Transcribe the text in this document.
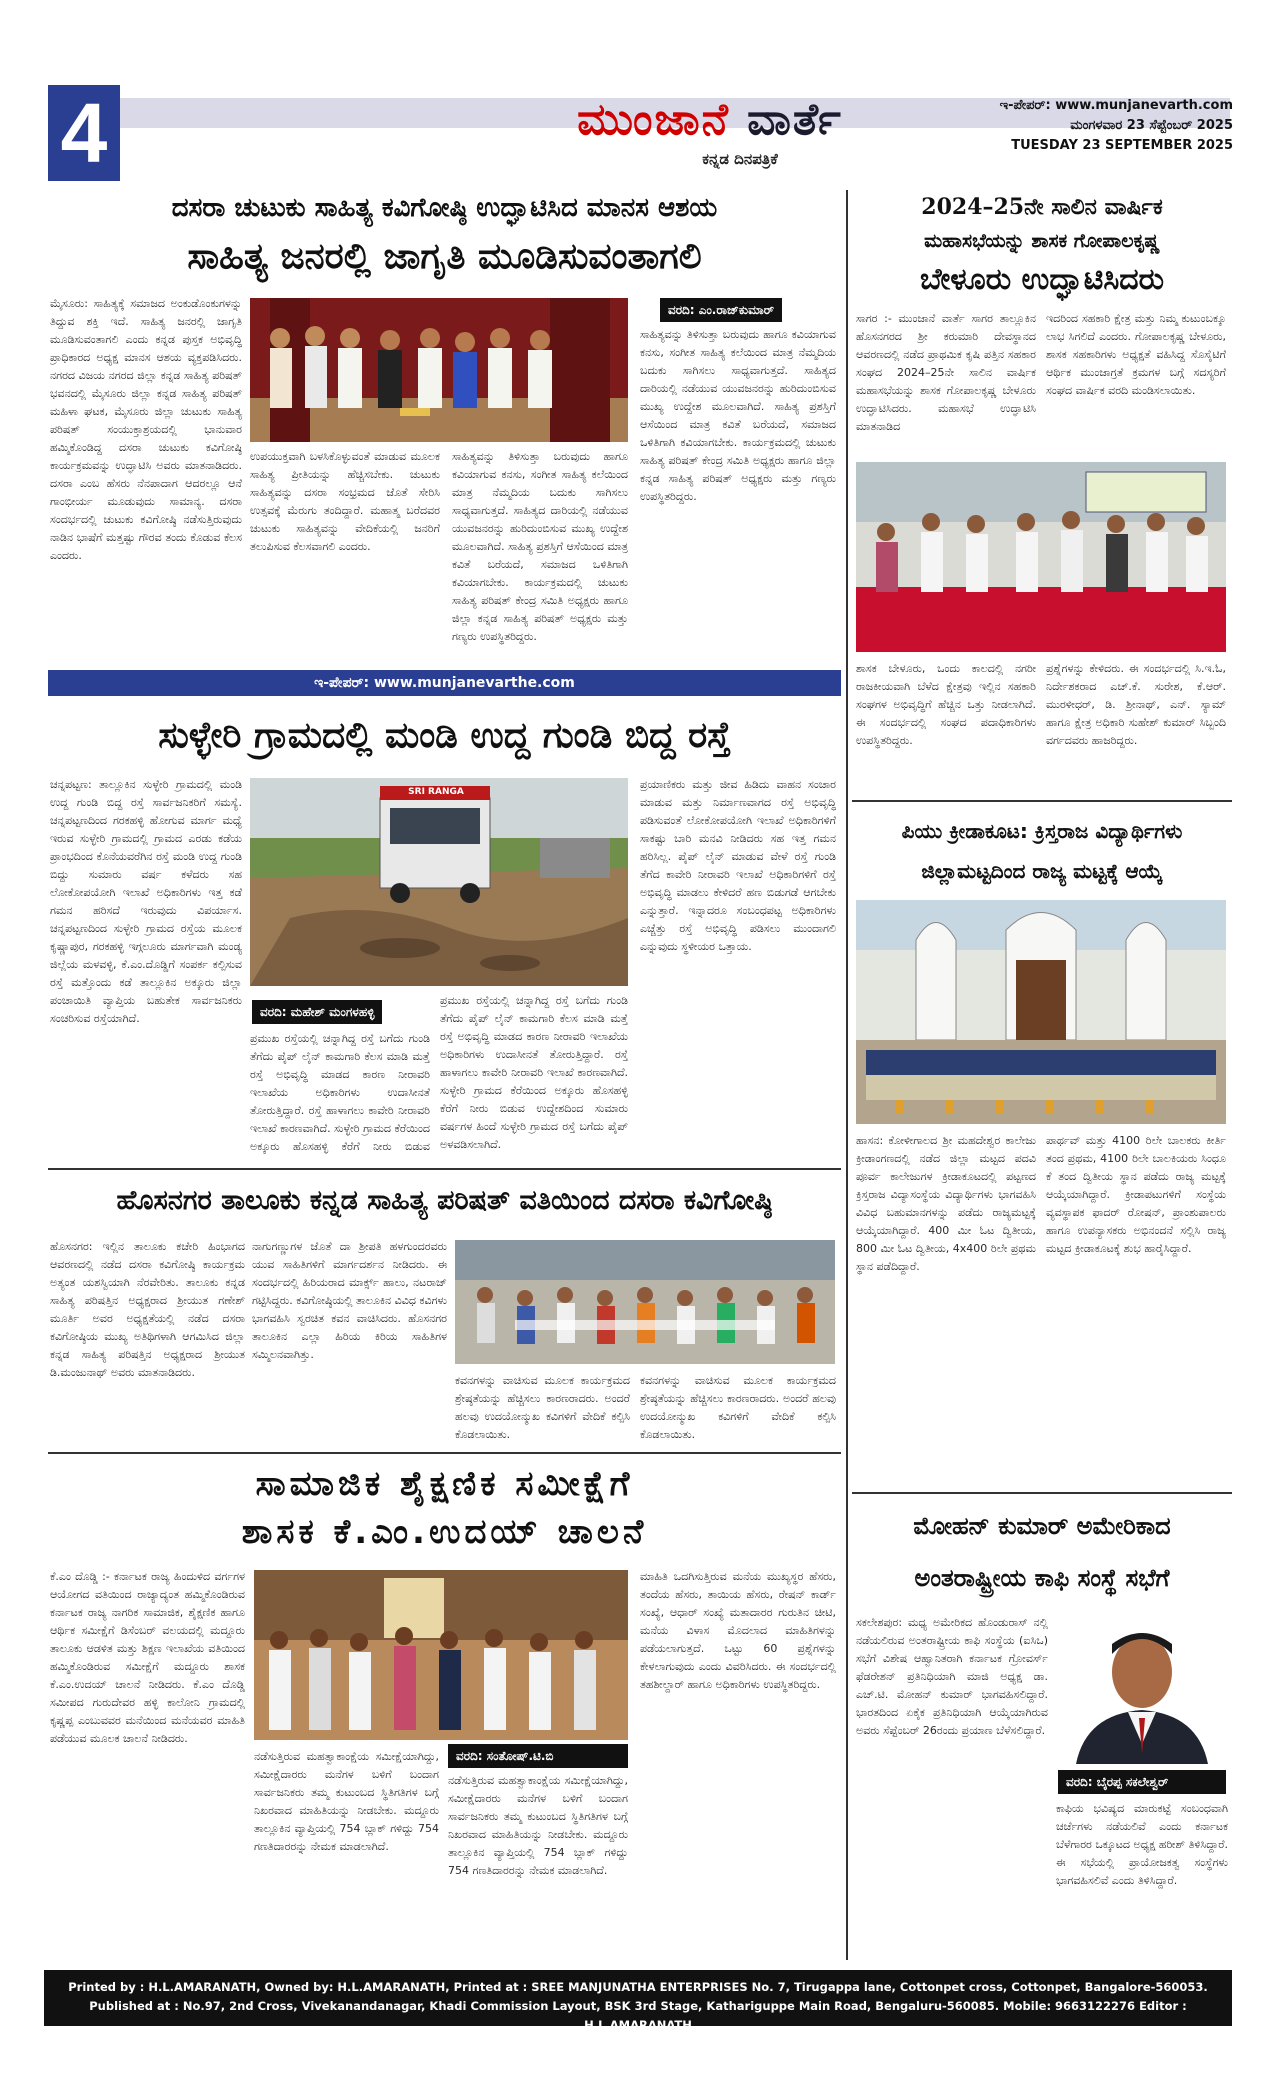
4	ಮುಂಜಾನೆ ವಾರ್ತೆ
ಕನ್ನಡ ದಿನಪತ್ರಿಕೆ
ಇ-ಪೇಪರ್: www.munjanevarth.com
ಮಂಗಳವಾರ 23 ಸೆಪ್ಟೆಂಬರ್ 2025
TUESDAY 23 SEPTEMBER 2025
ದಸರಾ ಚುಟುಕು ಸಾಹಿತ್ಯ ಕವಿಗೋಷ್ಠಿ ಉದ್ಘಾಟಿಸಿದ ಮಾನಸ ಆಶಯ
ಸಾಹಿತ್ಯ ಜನರಲ್ಲಿ ಜಾಗೃತಿ ಮೂಡಿಸುವಂತಾಗಲಿ
ಮೈಸೂರು: ಸಾಹಿತ್ಯಕ್ಕೆ ಸಮಾಜದ ಅಂಕುಡೊಂಕುಗಳನ್ನು ತಿದ್ದುವ ಶಕ್ತಿ ಇದೆ. ಸಾಹಿತ್ಯ ಜನರಲ್ಲಿ ಜಾಗೃತಿ ಮೂಡಿಸುವಂತಾಗಲಿ ಎಂದು ಕನ್ನಡ ಪುಸ್ತಕ ಅಭಿವೃದ್ಧಿ ಪ್ರಾಧಿಕಾರದ ಅಧ್ಯಕ್ಷ ಮಾನಸ ಆಶಯ ವ್ಯಕ್ತಪಡಿಸಿದರು. ನಗರದ ವಿಜಯ ನಗರದ ಜಿಲ್ಲಾ ಕನ್ನಡ ಸಾಹಿತ್ಯ ಪರಿಷತ್ ಭವನದಲ್ಲಿ ಮೈಸೂರು ಜಿಲ್ಲಾ ಕನ್ನಡ ಸಾಹಿತ್ಯ ಪರಿಷತ್ ಮಹಿಳಾ ಘಟಕ, ಮೈಸೂರು ಜಿಲ್ಲಾ ಚುಟುಕು ಸಾಹಿತ್ಯ ಪರಿಷತ್ ಸಂಯುಕ್ತಾಶ್ರಯದಲ್ಲಿ ಭಾನುವಾರ ಹಮ್ಮಿಕೊಂಡಿದ್ದ ದಸರಾ ಚುಟುಕು ಕವಿಗೋಷ್ಠಿ ಕಾರ್ಯಕ್ರಮವನ್ನು ಉದ್ಘಾಟಿಸಿ ಅವರು ಮಾತನಾಡಿದರು. ದಸರಾ ಎಂಬ ಹೆಸರು ನೆನಪಾದಾಗ ಆದರಲ್ಲೂ ಆನೆ ಗಾಂಭೀರ್ಯ ಮೂಡುವುದು ಸಾಮಾನ್ಯ. ದಸರಾ ಸಂದರ್ಭದಲ್ಲಿ ಚುಟುಕು ಕವಿಗೋಷ್ಠಿ ನಡೆಸುತ್ತಿರುವುದು ನಾಡಿನ ಭಾಷೆಗೆ ಮತ್ತಷ್ಟು ಗೌರವ ತಂದು ಕೊಡುವ ಕೆಲಸ ಎಂದರು.
ವರದಿ: ಎಂ.ರಾಜ್‌ಕುಮಾರ್
ಉಪಯುಕ್ತವಾಗಿ ಬಳಸಿಕೊಳ್ಳುವಂತೆ ಮಾಡುವ ಮೂಲಕ ಸಾಹಿತ್ಯ ಪ್ರೀತಿಯನ್ನು ಹೆಚ್ಚಿಸಬೇಕು. ಚುಟುಕು ಸಾಹಿತ್ಯವನ್ನು ದಸರಾ ಸಂಭ್ರಮದ ಜೊತೆ ಸೇರಿಸಿ ಉತ್ಸವಕ್ಕೆ ಮೆರುಗು ತಂದಿದ್ದಾರೆ. ಮಹಾತ್ಮ ಬರೆದವರ ಚುಟುಕು ಸಾಹಿತ್ಯವನ್ನು ವೇದಿಕೆಯಲ್ಲಿ ಜನರಿಗೆ ತಲುಪಿಸುವ ಕೆಲಸವಾಗಲಿ ಎಂದರು.
ಸಾಹಿತ್ಯವನ್ನು ತಿಳಿಸುತ್ತಾ ಬರುವುದು ಹಾಗೂ ಕವಿಯಾಗುವ ಕನಸು, ಸಂಗೀತ ಸಾಹಿತ್ಯ ಕಲೆಯಿಂದ ಮಾತ್ರ ನೆಮ್ಮದಿಯ ಬದುಕು ಸಾಗಿಸಲು ಸಾಧ್ಯವಾಗುತ್ತದೆ. ಸಾಹಿತ್ಯದ ದಾರಿಯಲ್ಲಿ ನಡೆಯುವ ಯುವಜನರನ್ನು ಹುರಿದುಂಬಿಸುವ ಮುಖ್ಯ ಉದ್ದೇಶ ಮೂಲವಾಗಿದೆ. ಸಾಹಿತ್ಯ ಪ್ರಶಸ್ತಿಗೆ ಆಸೆಯಿಂದ ಮಾತ್ರ ಕವಿತೆ ಬರೆಯದೆ, ಸಮಾಜದ ಒಳಿತಿಗಾಗಿ ಕವಿಯಾಗಬೇಕು. ಕಾರ್ಯಕ್ರಮದಲ್ಲಿ ಚುಟುಕು ಸಾಹಿತ್ಯ ಪರಿಷತ್ ಕೇಂದ್ರ ಸಮಿತಿ ಅಧ್ಯಕ್ಷರು ಹಾಗೂ ಜಿಲ್ಲಾ ಕನ್ನಡ ಸಾಹಿತ್ಯ ಪರಿಷತ್ ಅಧ್ಯಕ್ಷರು ಮತ್ತು ಗಣ್ಯರು ಉಪಸ್ಥಿತರಿದ್ದರು.
ಸಾಹಿತ್ಯವನ್ನು ತಿಳಿಸುತ್ತಾ ಬರುವುದು ಹಾಗೂ ಕವಿಯಾಗುವ ಕನಸು, ಸಂಗೀತ ಸಾಹಿತ್ಯ ಕಲೆಯಿಂದ ಮಾತ್ರ ನೆಮ್ಮದಿಯ ಬದುಕು ಸಾಗಿಸಲು ಸಾಧ್ಯವಾಗುತ್ತದೆ. ಸಾಹಿತ್ಯದ ದಾರಿಯಲ್ಲಿ ನಡೆಯುವ ಯುವಜನರನ್ನು ಹುರಿದುಂಬಿಸುವ ಮುಖ್ಯ ಉದ್ದೇಶ ಮೂಲವಾಗಿದೆ. ಸಾಹಿತ್ಯ ಪ್ರಶಸ್ತಿಗೆ ಆಸೆಯಿಂದ ಮಾತ್ರ ಕವಿತೆ ಬರೆಯದೆ, ಸಮಾಜದ ಒಳಿತಿಗಾಗಿ ಕವಿಯಾಗಬೇಕು. ಕಾರ್ಯಕ್ರಮದಲ್ಲಿ ಚುಟುಕು ಸಾಹಿತ್ಯ ಪರಿಷತ್ ಕೇಂದ್ರ ಸಮಿತಿ ಅಧ್ಯಕ್ಷರು ಹಾಗೂ ಜಿಲ್ಲಾ ಕನ್ನಡ ಸಾಹಿತ್ಯ ಪರಿಷತ್ ಅಧ್ಯಕ್ಷರು ಮತ್ತು ಗಣ್ಯರು ಉಪಸ್ಥಿತರಿದ್ದರು.
ಇ-ಪೇಪರ್: www.munjanevarthe.com
ಸುಳ್ಳೇರಿ ಗ್ರಾಮದಲ್ಲಿ ಮಂಡಿ ಉದ್ದ ಗುಂಡಿ ಬಿದ್ದ ರಸ್ತೆ
ಚನ್ನಪಟ್ಟಣ: ತಾಲ್ಲೂಕಿನ ಸುಳ್ಳೇರಿ ಗ್ರಾಮದಲ್ಲಿ ಮಂಡಿ ಉದ್ದ ಗುಂಡಿ ಬಿದ್ದ ರಸ್ತೆ ಸಾರ್ವಜನಿಕರಿಗೆ ಸಮಸ್ಯೆ. ಚನ್ನಪಟ್ಟಣದಿಂದ ಗರಕಹಳ್ಳಿ ಹೋಗುವ ಮಾರ್ಗ ಮಧ್ಯೆ ಇರುವ ಸುಳ್ಳೇರಿ ಗ್ರಾಮದಲ್ಲಿ ಗ್ರಾಮದ ಎರಡು ಕಡೆಯ ಪ್ರಾಂಭದಿಂದ ಕೊನೆಯವರೆಗಿನ ರಸ್ತೆ ಮಂಡಿ ಉದ್ದ ಗುಂಡಿ ಬಿದ್ದು ಸುಮಾರು ವರ್ಷ ಕಳೆದರು ಸಹ ಲೋಕೋಪಯೋಗಿ ಇಲಾಖೆ ಅಧಿಕಾರಿಗಳು ಇತ್ತ ಕಡೆ ಗಮನ ಹರಿಸದೆ ಇರುವುದು ವಿಪರ್ಯಾಸ. ಚನ್ನಪಟ್ಟಣದಿಂದ ಸುಳ್ಳೇರಿ ಗ್ರಾಮದ ರಸ್ತೆಯ ಮೂಲಕ ಕೃಷ್ಣಾಪುರ, ಗರಕಹಳ್ಳಿ ಇಗ್ಗಲೂರು ಮಾರ್ಗವಾಗಿ ಮಂಡ್ಯ ಜಿಲ್ಲೆಯ ಮಳವಳ್ಳಿ, ಕೆ.ಎಂ.ದೊಡ್ಡಿಗೆ ಸಂಪರ್ಕ ಕಲ್ಪಿಸುವ ರಸ್ತೆ ಮತ್ತೊಂದು ಕಡೆ ತಾಲ್ಲೂಕಿನ ಅಕ್ಕೂರು ಜಿಲ್ಲಾ ಪಂಚಾಯಿತಿ ವ್ಯಾಪ್ತಿಯ ಬಹುತೇಕ ಸಾರ್ವಜನಿಕರು ಸಂಚರಿಸುವ ರಸ್ತೆಯಾಗಿದೆ.
SRI RANGA
ವರದಿ: ಮಹೇಶ್ ಮಂಗಳಹಳ್ಳಿ
ಪ್ರಮುಖ ರಸ್ತೆಯಲ್ಲಿ ಚನ್ನಾಗಿದ್ದ ರಸ್ತೆ ಬಗೆದು ಗುಂಡಿ ತೆಗೆದು ಪೈಪ್ ಲೈನ್ ಕಾಮಗಾರಿ ಕೆಲಸ ಮಾಡಿ ಮತ್ತೆ ರಸ್ತೆ ಅಭಿವೃದ್ಧಿ ಮಾಡದ ಕಾರಣ ನೀರಾವರಿ ಇಲಾಖೆಯ ಅಧಿಕಾರಿಗಳು ಉದಾಸೀನತೆ ತೋರುತ್ತಿದ್ದಾರೆ. ರಸ್ತೆ ಹಾಳಾಗಲು ಕಾವೇರಿ ನೀರಾವರಿ ಇಲಾಖೆ ಕಾರಣವಾಗಿದೆ. ಸುಳ್ಳೇರಿ ಗ್ರಾಮದ ಕೆರೆಯಿಂದ ಅಕ್ಕೂರು ಹೊಸಹಳ್ಳಿ ಕೆರೆಗೆ ನೀರು ಬಿಡುವ ಉದ್ದೇಶದಿಂದ ಸುಮಾರು ವರ್ಷಗಳ ಹಿಂದೆ ಸುಳ್ಳೇರಿ ಗ್ರಾಮದ ರಸ್ತೆ ಬಗೆದು ಪೈಪ್ ಅಳವಡಿಸಲಾಗಿದೆ.
ಪ್ರಮುಖ ರಸ್ತೆಯಲ್ಲಿ ಚನ್ನಾಗಿದ್ದ ರಸ್ತೆ ಬಗೆದು ಗುಂಡಿ ತೆಗೆದು ಪೈಪ್ ಲೈನ್ ಕಾಮಗಾರಿ ಕೆಲಸ ಮಾಡಿ ಮತ್ತೆ ರಸ್ತೆ ಅಭಿವೃದ್ಧಿ ಮಾಡದ ಕಾರಣ ನೀರಾವರಿ ಇಲಾಖೆಯ ಅಧಿಕಾರಿಗಳು ಉದಾಸೀನತೆ ತೋರುತ್ತಿದ್ದಾರೆ. ರಸ್ತೆ ಹಾಳಾಗಲು ಕಾವೇರಿ ನೀರಾವರಿ ಇಲಾಖೆ ಕಾರಣವಾಗಿದೆ. ಸುಳ್ಳೇರಿ ಗ್ರಾಮದ ಕೆರೆಯಿಂದ ಅಕ್ಕೂರು ಹೊಸಹಳ್ಳಿ ಕೆರೆಗೆ ನೀರು ಬಿಡುವ
ಪ್ರಯಾಣಿಕರು ಮತ್ತು ಜೀವ ಹಿಡಿದು ವಾಹನ ಸಂಚಾರ ಮಾಡುವ ಮತ್ತು ನಿರ್ಮಾಣವಾಗದ ರಸ್ತೆ ಅಭಿವೃದ್ಧಿ ಪಡಿಸುವಂತೆ ಲೋಕೋಪಯೋಗಿ ಇಲಾಖೆ ಅಧಿಕಾರಿಗಳಿಗೆ ಸಾಕಷ್ಟು ಬಾರಿ ಮನವಿ ನೀಡಿದರು ಸಹ ಇತ್ತ ಗಮನ ಹರಿಸಿಲ್ಲ. ಪೈಪ್ ಲೈನ್ ಮಾಡುವ ವೇಳೆ ರಸ್ತೆ ಗುಂಡಿ ತೆಗೆದ ಕಾವೇರಿ ನೀರಾವರಿ ಇಲಾಖೆ ಅಧಿಕಾರಿಗಳಿಗೆ ರಸ್ತೆ ಅಭಿವೃದ್ಧಿ ಮಾಡಲು ಕೇಳಿದರೆ ಹಣ ಬಿಡುಗಡೆ ಆಗಬೇಕು ಎನ್ನುತ್ತಾರೆ. ಇನ್ನಾದರೂ ಸಂಬಂಧಪಟ್ಟ ಅಧಿಕಾರಿಗಳು ಎಚ್ಚೆತ್ತು ರಸ್ತೆ ಅಭಿವೃದ್ಧಿ ಪಡಿಸಲು ಮುಂದಾಗಲಿ ಎನ್ನುವುದು ಸ್ಥಳೀಯರ ಒತ್ತಾಯ.
ಹೊಸನಗರ ತಾಲೂಕು ಕನ್ನಡ ಸಾಹಿತ್ಯ ಪರಿಷತ್ ವತಿಯಿಂದ ದಸರಾ ಕವಿಗೋಷ್ಠಿ
ಹೊಸನಗರ: ಇಲ್ಲಿನ ತಾಲೂಕು ಕಚೇರಿ ಹಿಂಭಾಗದ ಆವರಣದಲ್ಲಿ ನಡೆದ ದಸರಾ ಕವಿಗೋಷ್ಠಿ ಕಾರ್ಯಕ್ರಮ ಅತ್ಯಂತ ಯಶಸ್ವಿಯಾಗಿ ನೆರವೇರಿತು. ತಾಲೂಕು ಕನ್ನಡ ಸಾಹಿತ್ಯ ಪರಿಷತ್ತಿನ ಅಧ್ಯಕ್ಷರಾದ ಶ್ರೀಯುತ ಗಣೇಶ್ ಮೂರ್ತಿ ಅವರ ಅಧ್ಯಕ್ಷತೆಯಲ್ಲಿ ನಡೆದ ದಸರಾ ಕವಿಗೋಷ್ಠಿಯ ಮುಖ್ಯ ಅತಿಥಿಗಳಾಗಿ ಆಗಮಿಸಿದ ಜಿಲ್ಲಾ ಕನ್ನಡ ಸಾಹಿತ್ಯ ಪರಿಷತ್ತಿನ ಅಧ್ಯಕ್ಷರಾದ ಶ್ರೀಯುತ ಡಿ.ಮಂಜುನಾಥ್ ಅವರು ಮಾತನಾಡಿದರು.
ನಾಗುಗಣ್ಣುಗಳ ಜೊತೆ ದಾ ಶ್ರೀಪತಿ ಹಳಗುಂದರವರು ಯುವ ಸಾಹಿತಿಗಳಿಗೆ ಮಾರ್ಗದರ್ಶನ ನೀಡಿದರು. ಈ ಸಂದರ್ಭದಲ್ಲಿ ಹಿರಿಯರಾದ ಮಾರ್ಕ್ಸ್ ಹಾಲು, ನಟರಾಜ್ ಗಟ್ಟಿಸಿದ್ದರು. ಕವಿಗೋಷ್ಠಿಯಲ್ಲಿ ತಾಲೂಕಿನ ವಿವಿಧ ಕವಿಗಳು ಭಾಗವಹಿಸಿ ಸ್ವರಚಿತ ಕವನ ವಾಚಿಸಿದರು. ಹೊಸನಗರ ತಾಲೂಕಿನ ಎಲ್ಲಾ ಹಿರಿಯ ಕಿರಿಯ ಸಾಹಿತಿಗಳ ಸಮ್ಮಿಲನವಾಗಿತ್ತು.
ಕವನಗಳನ್ನು ವಾಚಿಸುವ ಮೂಲಕ ಕಾರ್ಯಕ್ರಮದ ಶ್ರೇಷ್ಠತೆಯನ್ನು ಹೆಚ್ಚಿಸಲು ಕಾರಣರಾದರು. ಅಂದರೆ ಹಲವು ಉದಯೋನ್ಮುಖ ಕವಿಗಳಿಗೆ ವೇದಿಕೆ ಕಲ್ಪಿಸಿ ಕೊಡಲಾಯಿತು.
ಕವನಗಳನ್ನು ವಾಚಿಸುವ ಮೂಲಕ ಕಾರ್ಯಕ್ರಮದ ಶ್ರೇಷ್ಠತೆಯನ್ನು ಹೆಚ್ಚಿಸಲು ಕಾರಣರಾದರು. ಅಂದರೆ ಹಲವು ಉದಯೋನ್ಮುಖ ಕವಿಗಳಿಗೆ ವೇದಿಕೆ ಕಲ್ಪಿಸಿ ಕೊಡಲಾಯಿತು.
ಸಾಮಾಜಿಕ ಶೈಕ್ಷಣಿಕ ಸಮೀಕ್ಷೆಗೆ
ಶಾಸಕ ಕೆ.ಎಂ.ಉದಯ್ ಚಾಲನೆ
ಕೆ.ಎಂ ದೊಡ್ಡಿ :- ಕರ್ನಾಟಕ ರಾಜ್ಯ ಹಿಂದುಳಿದ ವರ್ಗಗಳ ಆಯೋಗದ ವತಿಯಿಂದ ರಾಜ್ಯಾದ್ಯಂತ ಹಮ್ಮಿಕೊಂಡಿರುವ ಕರ್ನಾಟಕ ರಾಜ್ಯ ನಾಗರಿಕ ಸಾಮಾಜಿಕ, ಶೈಕ್ಷಣಿಕ ಹಾಗೂ ಆರ್ಥಿಕ ಸಮೀಕ್ಷೆಗೆ ಡಿಸೆಂಬರ್ ವಲಯದಲ್ಲಿ ಮದ್ದೂರು ತಾಲೂಕು ಆಡಳಿತ ಮತ್ತು ಶಿಕ್ಷಣ ಇಲಾಖೆಯ ವತಿಯಿಂದ ಹಮ್ಮಿಕೊಂಡಿರುವ ಸಮೀಕ್ಷೆಗೆ ಮದ್ದೂರು ಶಾಸಕ ಕೆ.ಎಂ.ಉದಯ್ ಚಾಲನೆ ನೀಡಿದರು. ಕೆ.ಎಂ ದೊಡ್ಡಿ ಸಮೀಪದ ಗುರುದೇವರ ಹಳ್ಳಿ ಕಾಲೋನಿ ಗ್ರಾಮದಲ್ಲಿ ಕೃಷ್ಣಪ್ಪ ಎಂಬುವವರ ಮನೆಯಿಂದ ಮನೆಯವರ ಮಾಹಿತಿ ಪಡೆಯುವ ಮೂಲಕ ಚಾಲನೆ ನೀಡಿದರು.
ನಡೆಸುತ್ತಿರುವ ಮಹತ್ವಾಕಾಂಕ್ಷೆಯ ಸಮೀಕ್ಷೆಯಾಗಿದ್ದು, ಸಮೀಕ್ಷೆದಾರರು ಮನೆಗಳ ಬಳಿಗೆ ಬಂದಾಗ ಸಾರ್ವಜನಿಕರು ತಮ್ಮ ಕುಟುಂಬದ ಸ್ಥಿತಿಗತಿಗಳ ಬಗ್ಗೆ ನಿಖರವಾದ ಮಾಹಿತಿಯನ್ನು ನೀಡಬೇಕು. ಮದ್ದೂರು ತಾಲ್ಲೂಕಿನ ವ್ಯಾಪ್ತಿಯಲ್ಲಿ 754 ಬ್ಲಾಕ್ ಗಳಿದ್ದು 754 ಗಣತಿದಾರರನ್ನು ನೇಮಕ ಮಾಡಲಾಗಿದೆ.
ವರದಿ: ಸಂತೋಷ್.ಟಿ.ಬಿ
ನಡೆಸುತ್ತಿರುವ ಮಹತ್ವಾಕಾಂಕ್ಷೆಯ ಸಮೀಕ್ಷೆಯಾಗಿದ್ದು, ಸಮೀಕ್ಷೆದಾರರು ಮನೆಗಳ ಬಳಿಗೆ ಬಂದಾಗ ಸಾರ್ವಜನಿಕರು ತಮ್ಮ ಕುಟುಂಬದ ಸ್ಥಿತಿಗತಿಗಳ ಬಗ್ಗೆ ನಿಖರವಾದ ಮಾಹಿತಿಯನ್ನು ನೀಡಬೇಕು. ಮದ್ದೂರು ತಾಲ್ಲೂಕಿನ ವ್ಯಾಪ್ತಿಯಲ್ಲಿ 754 ಬ್ಲಾಕ್ ಗಳಿದ್ದು 754 ಗಣತಿದಾರರನ್ನು ನೇಮಕ ಮಾಡಲಾಗಿದೆ.
ಮಾಹಿತಿ ಒದಗಿಸುತ್ತಿರುವ ಮನೆಯ ಮುಖ್ಯಸ್ಥರ ಹೆಸರು, ತಂದೆಯ ಹೆಸರು, ತಾಯಿಯ ಹೆಸರು, ರೇಷನ್ ಕಾರ್ಡ್ ಸಂಖ್ಯೆ, ಆಧಾರ್ ಸಂಖ್ಯೆ ಮತಾದಾರರ ಗುರುತಿನ ಚೀಟಿ, ಮನೆಯ ವಿಳಾಸ ಮೊದಲಾದ ಮಾಹಿತಿಗಳನ್ನು ಪಡೆಯಲಾಗುತ್ತದೆ. ಒಟ್ಟು 60 ಪ್ರಶ್ನೆಗಳನ್ನು ಕೇಳಲಾಗುವುದು ಎಂದು ವಿವರಿಸಿದರು. ಈ ಸಂದರ್ಭದಲ್ಲಿ ತಹಶೀಲ್ದಾರ್ ಹಾಗೂ ಅಧಿಕಾರಿಗಳು ಉಪಸ್ಥಿತರಿದ್ದರು.
2024–25ನೇ ಸಾಲಿನ ವಾರ್ಷಿಕ
ಮಹಾಸಭೆಯನ್ನು ಶಾಸಕ ಗೋಪಾಲಕೃಷ್ಣ
ಬೇಳೂರು ಉದ್ಘಾಟಿಸಿದರು
ಸಾಗರ :- ಮುಂಜಾನೆ ವಾರ್ತೆ ಸಾಗರ ತಾಲ್ಲೂಕಿನ ಹೊಸನಗರದ ಶ್ರೀ ಕರುಮಾರಿ ದೇವಸ್ಥಾನದ ಆವರಣದಲ್ಲಿ ನಡೆದ ಪ್ರಾಥಮಿಕ ಕೃಷಿ ಪತ್ತಿನ ಸಹಕಾರ ಸಂಘದ 2024–25ನೇ ಸಾಲಿನ ವಾರ್ಷಿಕ ಮಹಾಸಭೆಯನ್ನು ಶಾಸಕ ಗೋಪಾಲಕೃಷ್ಣ ಬೇಳೂರು ಉದ್ಘಾಟಿಸಿದರು. ಮಹಾಸಭೆ ಉದ್ಘಾಟಿಸಿ ಮಾತನಾಡಿದ
ಇದರಿಂದ ಸಹಕಾರಿ ಕ್ಷೇತ್ರ ಮತ್ತು ನಿಮ್ಮ ಕುಟುಂಬಕ್ಕೂ ಲಾಭ ಸಿಗಲಿದೆ ಎಂದರು. ಗೋಪಾಲಕೃಷ್ಣ ಬೇಳೂರು, ಶಾಸಕ ಸಹಕಾರಿಗಳು ಅಧ್ಯಕ್ಷತೆ ವಹಿಸಿದ್ದ ಸೊಸೈಟಿಗೆ ಆರ್ಥಿಕ ಮುಂಜಾಗ್ರತೆ ಕ್ರಮಗಳ ಬಗ್ಗೆ ಸದಸ್ಯರಿಗೆ ಸಂಘದ ವಾರ್ಷಿಕ ವರದಿ ಮಂಡಿಸಲಾಯಿತು.
ಶಾಸಕ ಬೇಳೂರು, ಒಂದು ಕಾಲದಲ್ಲಿ ನಗರೀ ರಾಜಕೀಯವಾಗಿ ಬೆಳೆದ ಕ್ಷೇತ್ರವು ಇಲ್ಲಿನ ಸಹಕಾರಿ ಸಂಘಗಳ ಅಭಿವೃದ್ಧಿಗೆ ಹೆಚ್ಚಿನ ಒತ್ತು ನೀಡಲಾಗಿದೆ. ಈ ಸಂದರ್ಭದಲ್ಲಿ ಸಂಘದ ಪದಾಧಿಕಾರಿಗಳು ಉಪಸ್ಥಿತರಿದ್ದರು.
ಪ್ರಶ್ನೆಗಳನ್ನು ಕೇಳಿದರು. ಈ ಸಂದರ್ಭದಲ್ಲಿ ಸಿ.ಇ.ಓ, ನಿರ್ದೇಶಕರಾದ ಎಚ್.ಕೆ. ಸುರೇಶ, ಕೆ.ಆರ್. ಮುರಳೀಧರ್, ಡಿ. ಶ್ರೀನಾಥ್, ಎನ್. ಸ್ಯಾಮ್ ಹಾಗೂ ಕ್ಷೇತ್ರ ಅಧಿಕಾರಿ ಸುಹೇಶ್ ಕುಮಾರ್ ಸಿಬ್ಬಂದಿ ವರ್ಗದವರು ಹಾಜರಿದ್ದರು.
ಪಿಯು ಕ್ರೀಡಾಕೂಟ: ಕ್ರಿಸ್ತರಾಜ ವಿದ್ಯಾರ್ಥಿಗಳು
ಜಿಲ್ಲಾಮಟ್ಟದಿಂದ ರಾಜ್ಯ ಮಟ್ಟಕ್ಕೆ ಆಯ್ಕೆ
ಹಾಸನ: ಕೋಳೀಗಾಲದ ಶ್ರೀ ಮಹದೇಶ್ವರ ಕಾಲೇಜು ಕ್ರೀಡಾಂಗಣದಲ್ಲಿ ನಡೆದ ಜಿಲ್ಲಾ ಮಟ್ಟದ ಪದವಿ ಪೂರ್ವ ಕಾಲೇಜುಗಳ ಕ್ರೀಡಾಕೂಟದಲ್ಲಿ ಪಟ್ಟಣದ ಕ್ರಿಸ್ತರಾಜ ವಿದ್ಯಾಸಂಸ್ಥೆಯ ವಿದ್ಯಾರ್ಥಿಗಳು ಭಾಗವಹಿಸಿ ವಿವಿಧ ಬಹುಮಾನಗಳನ್ನು ಪಡೆದು ರಾಜ್ಯಮಟ್ಟಕ್ಕೆ ಆಯ್ಕೆಯಾಗಿದ್ದಾರೆ. 400 ಮೀ ಓಟ ದ್ವಿತೀಯ, 800 ಮೀ ಓಟ ದ್ವಿತೀಯ, 4x400 ರಿಲೇ ಪ್ರಥಮ ಸ್ಥಾನ ಪಡೆದಿದ್ದಾರೆ.
ಪಾರ್ಥವ್ ಮತ್ತು 4100 ರಿಲೇ ಬಾಲಕರು ಕೀರ್ತಿ ತಂದ ಪ್ರಥಮ, 4100 ರಿಲೇ ಬಾಲಕಿಯರು ಸಿಂಧೂ ಕೆ ತಂದ ದ್ವಿತೀಯ ಸ್ಥಾನ ಪಡೆದು ರಾಜ್ಯ ಮಟ್ಟಕ್ಕೆ ಆಯ್ಕೆಯಾಗಿದ್ದಾರೆ. ಕ್ರೀಡಾಪಟುಗಳಿಗೆ ಸಂಸ್ಥೆಯ ವ್ಯವಸ್ಥಾಪಕ ಫಾದರ್ ರೋಷನ್, ಪ್ರಾಂಶುಪಾಲರು ಹಾಗೂ ಉಪನ್ಯಾಸಕರು ಅಭಿನಂದನೆ ಸಲ್ಲಿಸಿ ರಾಜ್ಯ ಮಟ್ಟದ ಕ್ರೀಡಾಕೂಟಕ್ಕೆ ಶುಭ ಹಾರೈಸಿದ್ದಾರೆ.
ಮೋಹನ್ ಕುಮಾರ್ ಅಮೇರಿಕಾದ
ಅಂತರಾಷ್ಟ್ರೀಯ ಕಾಫಿ ಸಂಸ್ಥೆ ಸಭೆಗೆ
ಸಕಲೇಶಪುರ: ಮಧ್ಯ ಅಮೇರಿಕದ ಹೊಂಡುರಾಸ್ ನಲ್ಲಿ ನಡೆಯಲಿರುವ ಅಂತರಾಷ್ಟ್ರೀಯ ಕಾಫಿ ಸಂಸ್ಥೆಯ (ಐಸಿಒ) ಸಭೆಗೆ ವಿಶೇಷ ಆಹ್ವಾನಿತರಾಗಿ ಕರ್ನಾಟಕ ಗ್ರೋವರ್ಸ್ ಫೆಡರೇಶನ್ ಪ್ರತಿನಿಧಿಯಾಗಿ ಮಾಜಿ ಅಧ್ಯಕ್ಷ ಡಾ. ಎಚ್.ಟಿ. ಮೋಹನ್ ಕುಮಾರ್ ಭಾಗವಹಿಸಲಿದ್ದಾರೆ. ಭಾರತದಿಂದ ಏಕೈಕ ಪ್ರತಿನಿಧಿಯಾಗಿ ಆಯ್ಕೆಯಾಗಿರುವ ಅವರು ಸೆಪ್ಟೆಂಬರ್ 26ರಂದು ಪ್ರಯಾಣ ಬೆಳೆಸಲಿದ್ದಾರೆ.
ವರದಿ: ಬೈರಪ್ಪ ಸಕಲೇಶ್ವರ್
ಕಾಫಿಯ ಭವಿಷ್ಯದ ಮಾರುಕಟ್ಟೆ ಸಂಬಂಧವಾಗಿ ಚರ್ಚೆಗಳು ನಡೆಯಲಿವೆ ಎಂದು ಕರ್ನಾಟಕ ಬೆಳೆಗಾರರ ಒಕ್ಕೂಟದ ಅಧ್ಯಕ್ಷ ಹರೀಶ್ ತಿಳಿಸಿದ್ದಾರೆ. ಈ ಸಭೆಯಲ್ಲಿ ಪ್ರಾಯೋಜಕತ್ವ ಸಂಸ್ಥೆಗಳು ಭಾಗವಹಿಸಲಿವೆ ಎಂದು ತಿಳಿಸಿದ್ದಾರೆ.
Printed by : H.L.AMARANATH, Owned by: H.L.AMARANATH, Printed at : SREE MANJUNATHA ENTERPRISES No. 7, Tirugappa lane, Cottonpet cross, Cottonpet, Bangalore-560053.
Published at : No.97, 2nd Cross, Vivekanandanagar, Khadi Commission Layout, BSK 3rd Stage, Kathariguppe Main Road, Bengaluru-560085. Mobile: 9663122276 Editor : H.L.AMARANATH
